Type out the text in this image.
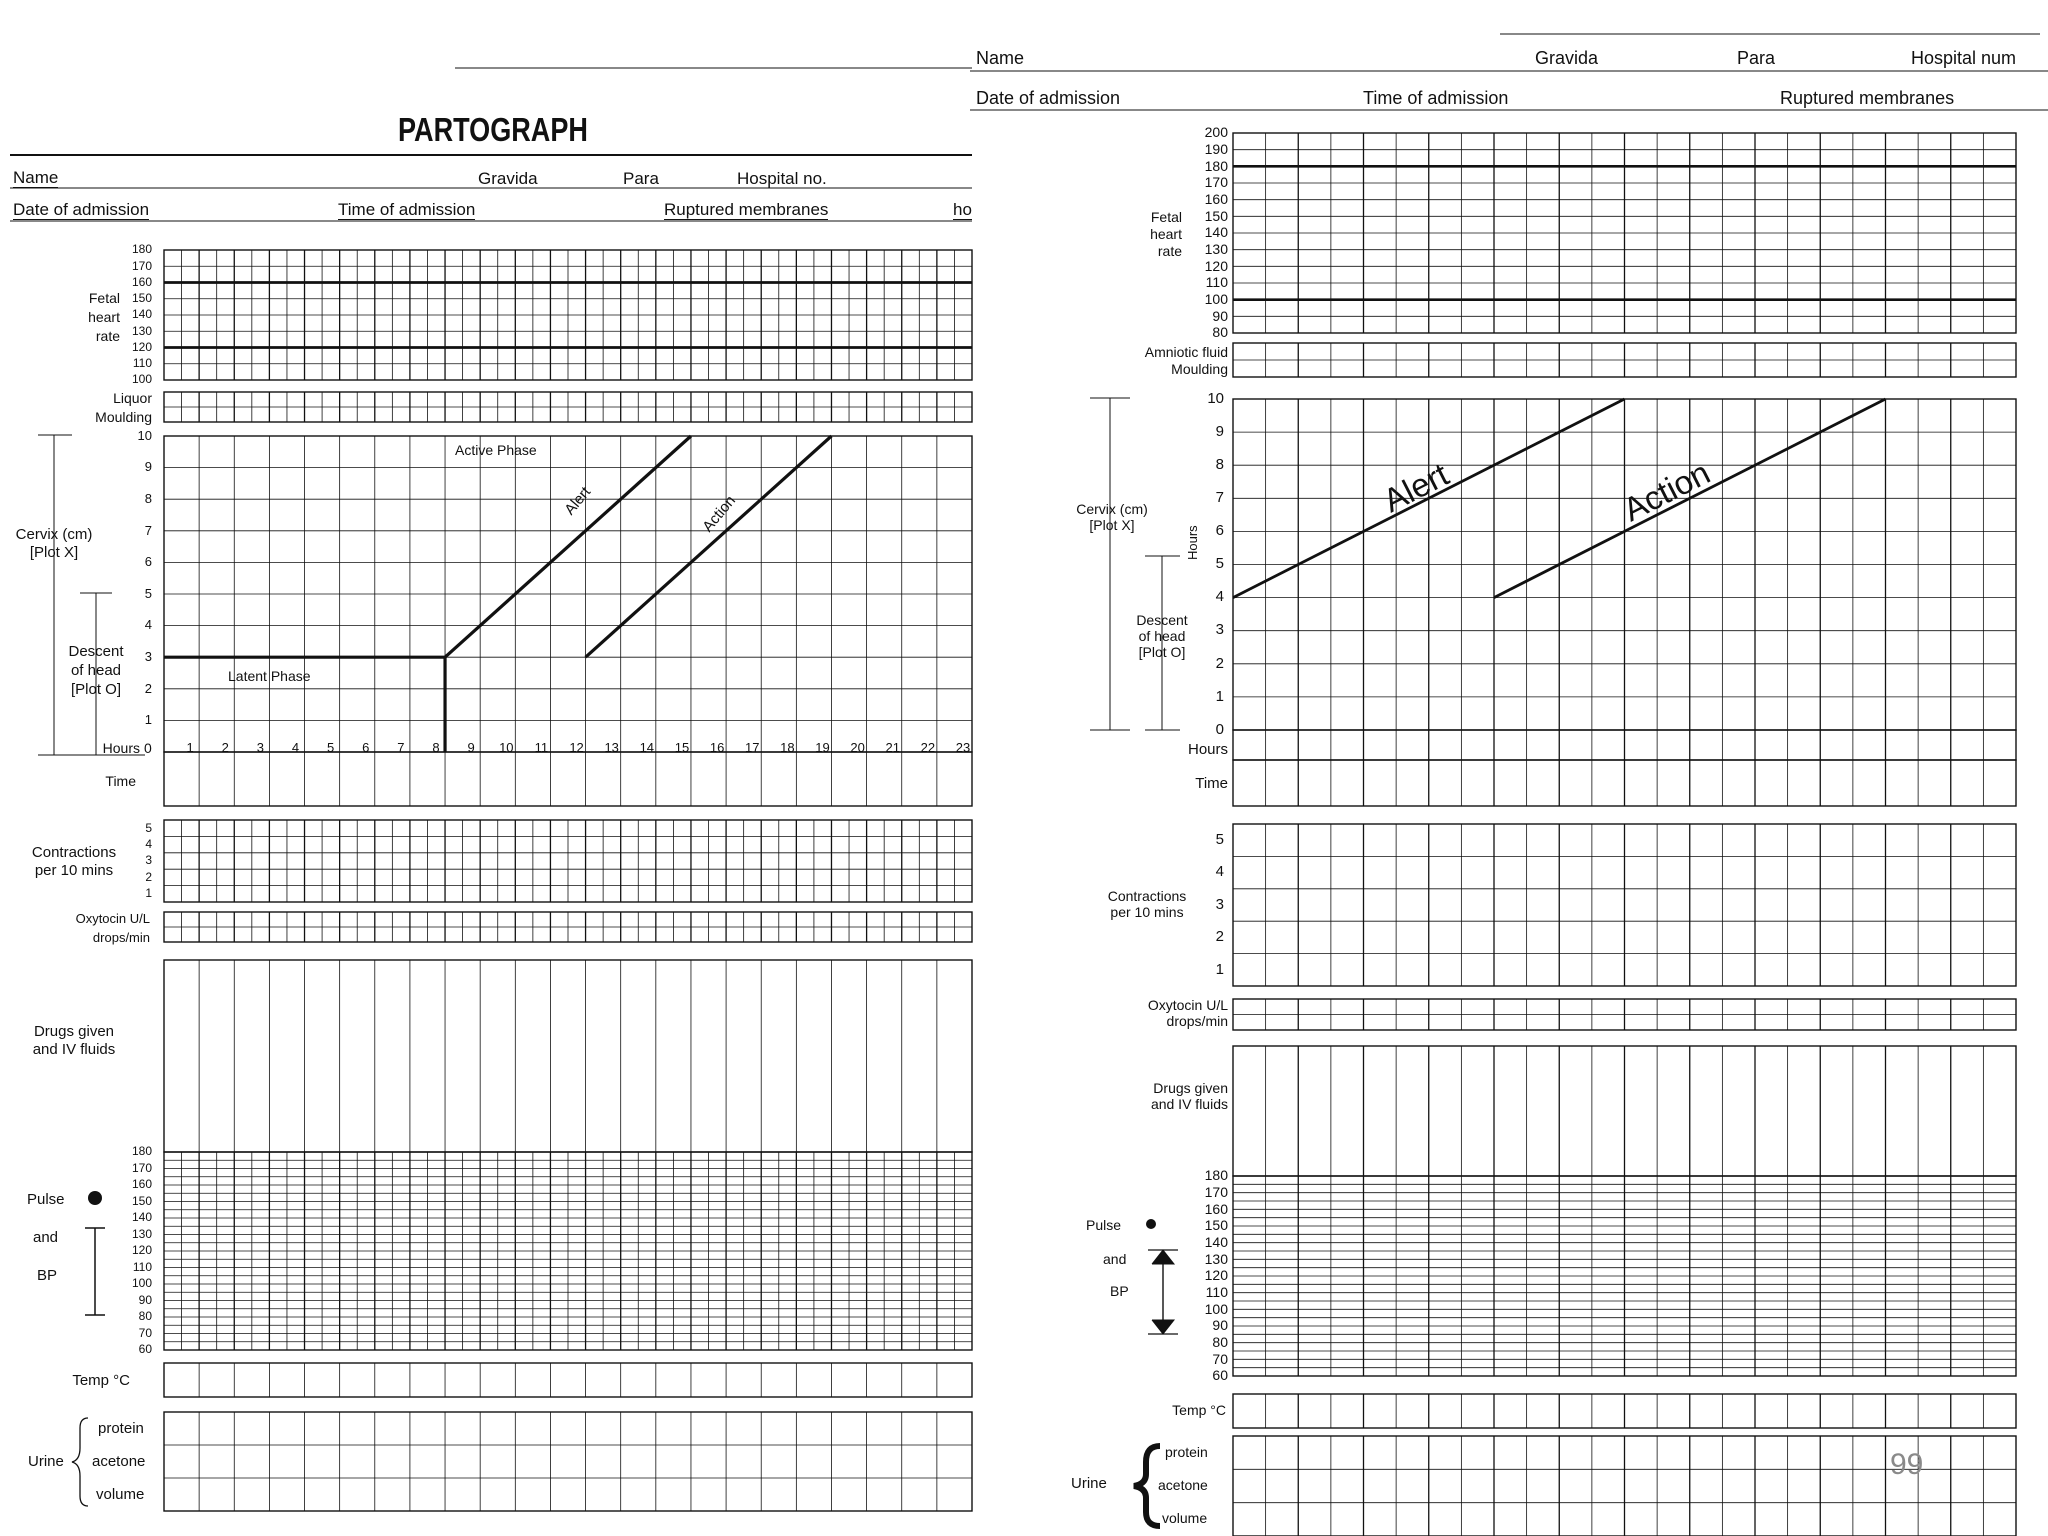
PARTOGRAPH
Name	Gravida	Para	Hospital no.
Date of admission	Time of admission	Ruptured membranes	ho
Fetal
heart
rate
Liquor
Moulding
Cervix (cm)
[Plot X]
Descent
of head
[Plot O]
Active Phase
Latent Phase
Alert	Action
Hours 0
Time
Contractions
per 10 mins
Oxytocin U/L
drops/min
Drugs given
and IV fluids
Pulse
and
BP
Temp °C
Urine
protein
acetone
volume
Name	Gravida	Para	Hospital num
Date of admission	Time of admission	Ruptured membranes
Fetal
heart
rate
Amniotic fluid
Moulding
Cervix (cm)
[Plot X]
Hours
Descent
of head
[Plot O]
Alert	Action
Hours
Time
Contractions
per 10 mins
Oxytocin U/L
drops/min
Drugs given
and IV fluids
Pulse
and
BP
Temp °C
Urine
protein
acetone
volume
99
180
170
160
150
140
130
120
110
100
10
9
8
7
6
5
4
3
2
1
1	2	3	4	5	6	7	8	9	10	11	12	13	14	15	16	17	18	19	20	21	22	23
5
4
3
2
1
180
170
160
150
140
130
120
110
100
90
80
70
60
200
190
180
170
160
150
140
130
120
110
100
90
80
10
9
8
7
6
5
4
3
2
1
0
5
4
3
2
1
180
170
160
150
140
130
120
110
100
90
80
70
60
